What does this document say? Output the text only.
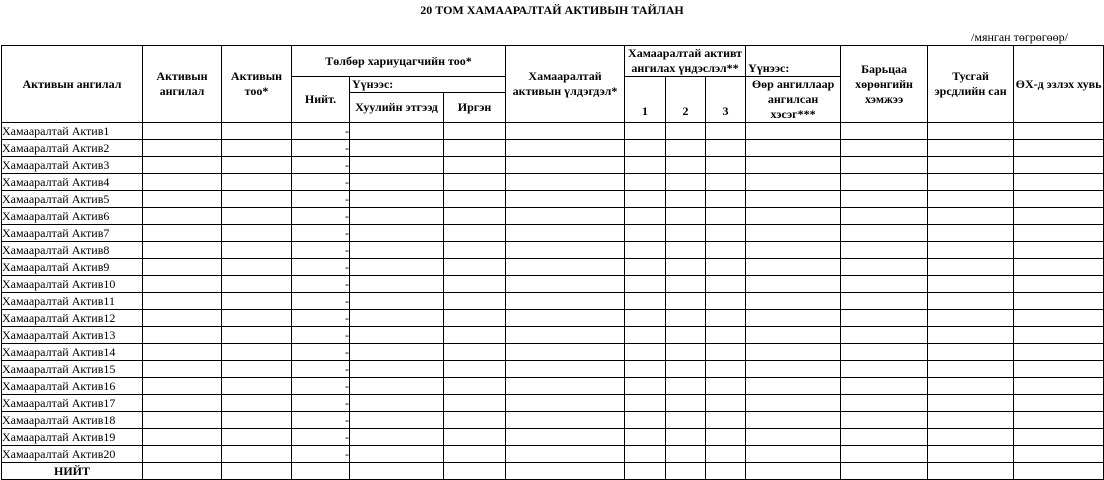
20 ТОМ ХАМААРАЛТАЙ АКТИВЫН ТАЙЛАН
/мянган төгрөгөөр/
Активын ангилал	Активын ангилал	Активын тоо*	Төлбөр хариуцагчийн тоо*			Хамааралтай активын үлдэгдэл*	Хамааралтай активт ангилах үндэслэл**			Үүнээс:	Барьцаа хөрөнгийн хэмжээ	Тусгай эрсдлийн сан	ӨХ-д эзлэх хувь
			Нийт.	Үүнээс:			1	2	3	Өөр ангиллаар ангилсан хэсэг***			
				Хуулийн этгээд	Иргэн								

Хамааралтай Актив1			-										
Хамааралтай Актив2			-										
Хамааралтай Актив3			-										
Хамааралтай Актив4			-										
Хамааралтай Актив5			-										
Хамааралтай Актив6			-										
Хамааралтай Актив7			-										
Хамааралтай Актив8			-										
Хамааралтай Актив9			-										
Хамааралтай Актив10			-										
Хамааралтай Актив11			-										
Хамааралтай Актив12			-										
Хамааралтай Актив13			-										
Хамааралтай Актив14			-										
Хамааралтай Актив15			-										
Хамааралтай Актив16			-										
Хамааралтай Актив17			-										
Хамааралтай Актив18			-										
Хамааралтай Актив19			-										
Хамааралтай Актив20			-										
НИЙТ													
